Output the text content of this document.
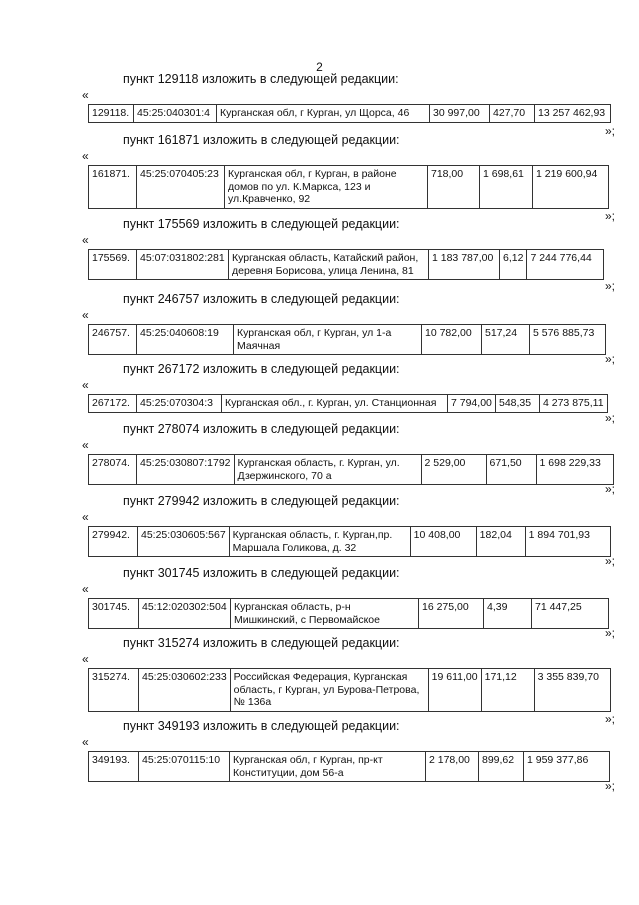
2
пункт 129118 изложить в следующей редакции:
«
129118.	45:25:040301:4	Курганская обл, г Курган, ул Щорса, 46	30 997,00	427,70	13 257 462,93
»;
пункт 161871 изложить в следующей редакции:
«
161871.	45:25:070405:23	Курганская обл, г Курган, в районе домов по ул. К.Маркса, 123 и ул.Кравченко, 92	718,00	1 698,61	1 219 600,94
»;
пункт 175569 изложить в следующей редакции:
«
175569.	45:07:031802:281	Курганская область, Катайский район, деревня Борисова, улица Ленина, 81	1 183 787,00	6,12	7 244 776,44
»;
пункт 246757 изложить в следующей редакции:
«
246757.	45:25:040608:19	Курганская обл, г Курган, ул 1-а Маячная	10 782,00	517,24	5 576 885,73
»;
пункт 267172 изложить в следующей редакции:
«
267172.	45:25:070304:3	Курганская обл., г. Курган, ул. Станционная	7 794,00	548,35	4 273 875,11
»;
пункт 278074 изложить в следующей редакции:
«
278074.	45:25:030807:1792	Курганская область, г. Курган, ул. Дзержинского, 70 а	2 529,00	671,50	1 698 229,33
»;
пункт 279942 изложить в следующей редакции:
«
279942.	45:25:030605:567	Курганская область, г. Курган,пр. Маршала Голикова, д. 32	10 408,00	182,04	1 894 701,93
»;
пункт 301745 изложить в следующей редакции:
«
301745.	45:12:020302:504	Курганская область, р-н Мишкинский, с Первомайское	16 275,00	4,39	71 447,25
»;
пункт 315274 изложить в следующей редакции:
«
315274.	45:25:030602:233	Российская Федерация, Курганская область, г Курган, ул Бурова-Петрова, № 136а	19 611,00	171,12	3 355 839,70
»;
пункт 349193 изложить в следующей редакции:
«
349193.	45:25:070115:10	Курганская обл, г Курган, пр-кт Конституции, дом 56-а	2 178,00	899,62	1 959 377,86
»;
